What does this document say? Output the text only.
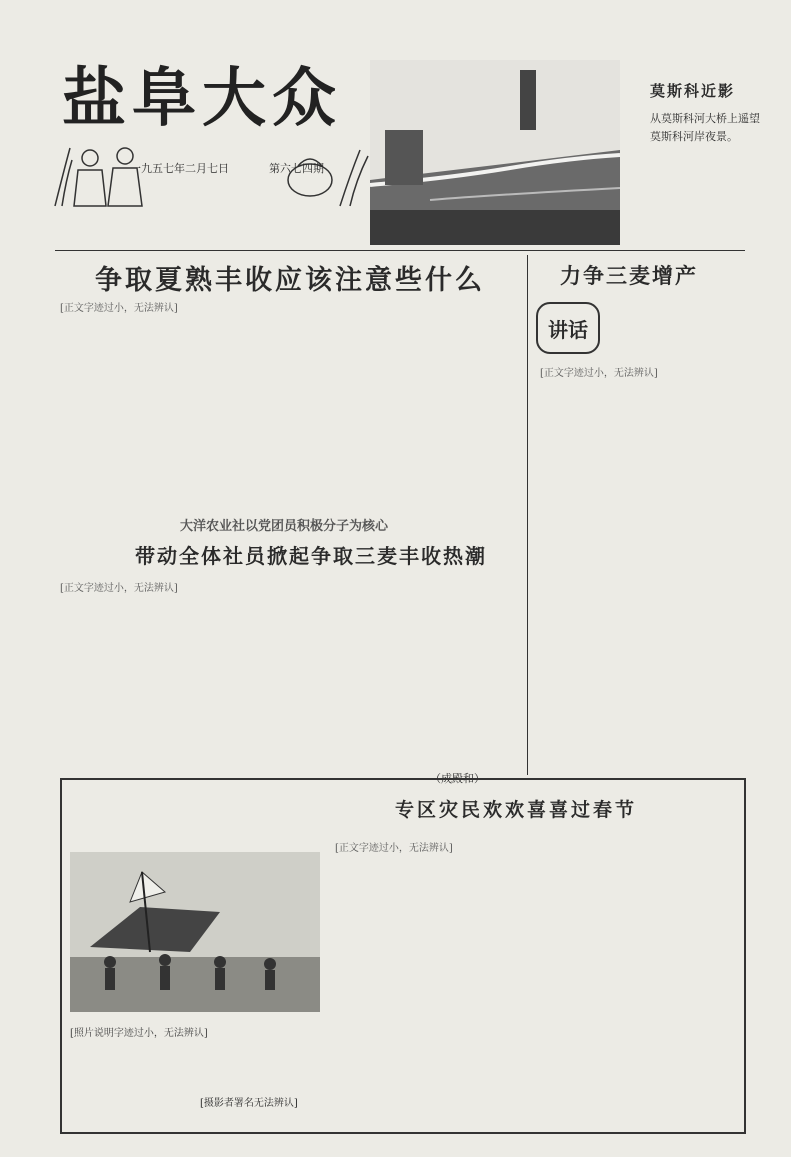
盐阜大众
一九五七年二月七日	第六七四期
莫斯科近影
从莫斯科河大桥上遥望莫斯科河岸夜景。
争取夏熟丰收应该注意些什么	力争三麦增产
讲话

[正文字迹过小，无法辨认]

[正文字迹过小，无法辨认]

大洋农业社以党团员积极分子为核心
带动全体社员掀起争取三麦丰收热潮

[正文字迹过小，无法辨认]

（成殿和）
专区灾民欢欢喜喜过春节
[照片说明字迹过小，无法辨认]
[摄影者署名无法辨认]

[正文字迹过小，无法辨认]
